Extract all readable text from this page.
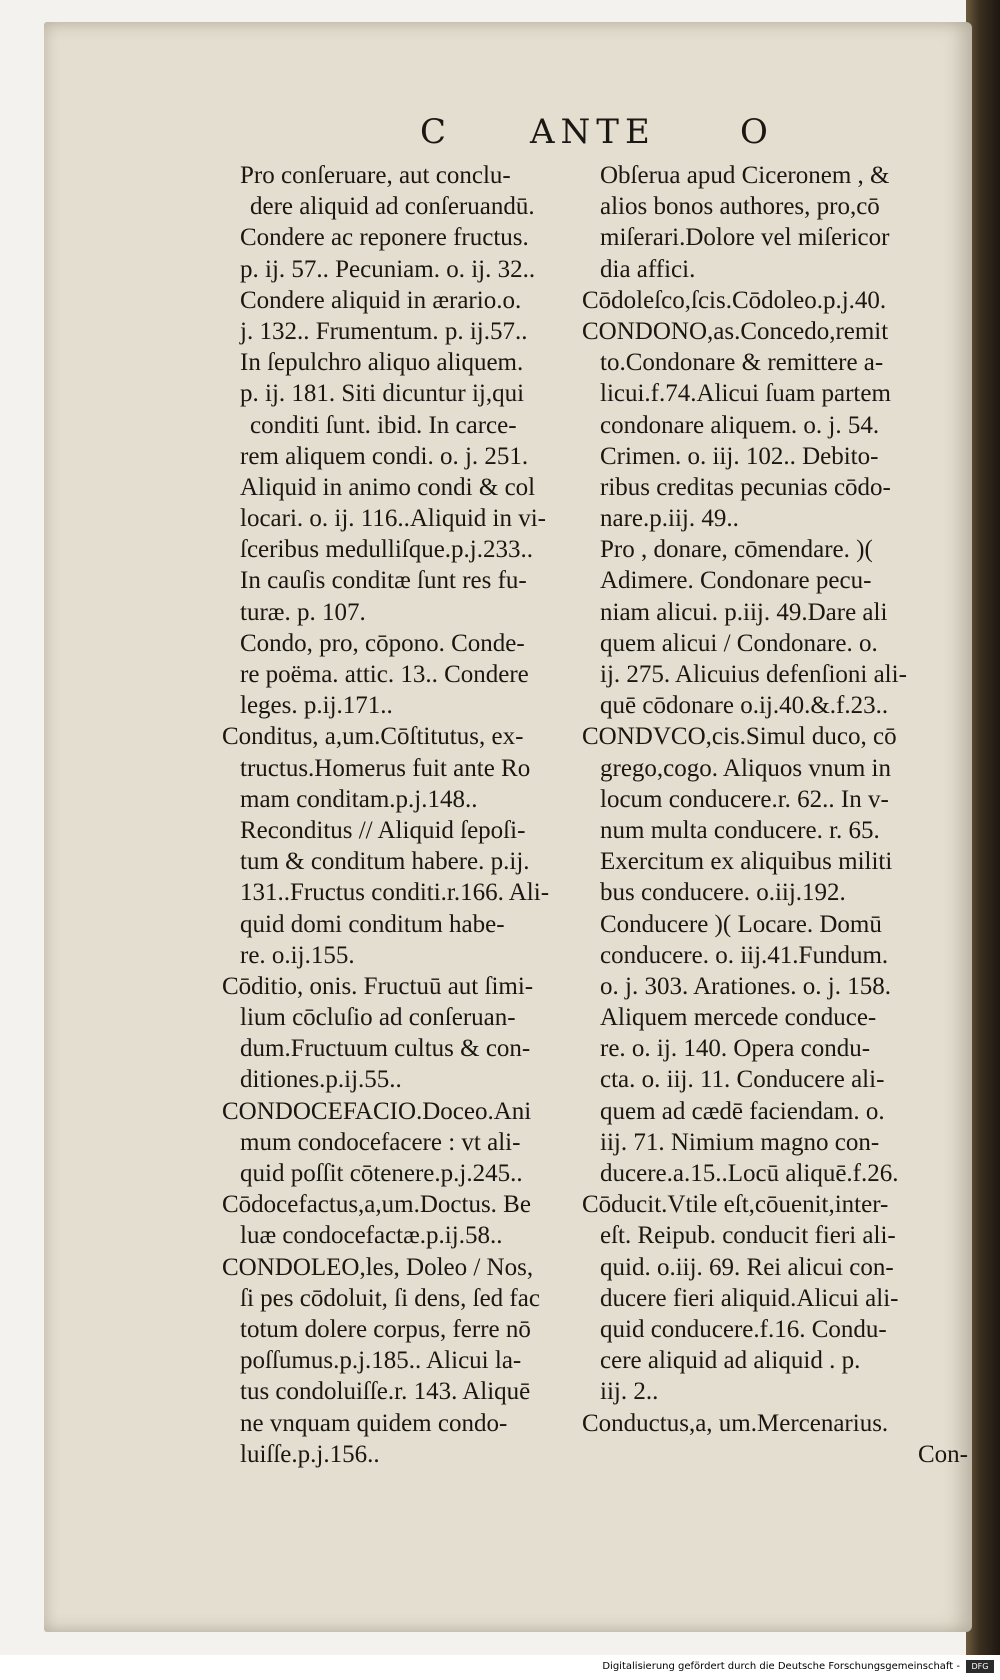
C ANTE O
Pro conſeruare, aut conclu-
dere aliquid ad conſeruandū.
Condere ac reponere fructus.
p. ij. 57.. Pecuniam. o. ij. 32..
Condere aliquid in ærario.o.
j. 132.. Frumentum. p. ij.57..
In ſepulchro aliquo aliquem.
p. ij. 181. Siti dicuntur ij,qui
conditi ſunt. ibid. In carce-
rem aliquem condi. o. j. 251.
Aliquid in animo condi & col
locari. o. ij. 116..Aliquid in vi-
ſceribus medulliſque.p.j.233..
In cauſis conditæ ſunt res fu-
turæ. p. 107.
Condo, pro, cōpono. Conde-
re poëma. attic. 13.. Condere
leges. p.ij.171..
Conditus, a,um.Cōſtitutus, ex-
tructus.Homerus fuit ante Ro
mam conditam.p.j.148..
Reconditus // Aliquid ſepoſi-
tum & conditum habere. p.ij.
131..Fructus conditi.r.166. Ali-
quid domi conditum habe-
re. o.ij.155.
Cōditio, onis. Fructuū aut ſimi-
lium cōcluſio ad conſeruan-
dum.Fructuum cultus & con-
ditiones.p.ij.55..
CONDOCEFACIO.Doceo.Ani
mum condocefacere : vt ali-
quid poſſit cōtenere.p.j.245..
Cōdocefactus,a,um.Doctus. Be
luæ condocefactæ.p.ij.58..
CONDOLEO,les, Doleo / Nos,
ſi pes cōdoluit, ſi dens, ſed fac
totum dolere corpus, ferre nō
poſſumus.p.j.185.. Alicui la-
tus condoluiſſe.r. 143. Aliquē
ne vnquam quidem condo-
luiſſe.p.j.156..
Obſerua apud Ciceronem , &
alios bonos authores, pro,cō
miſerari.Dolore vel miſericor
dia affici.
Cōdoleſco,ſcis.Cōdoleo.p.j.40.
CONDONO,as.Concedo,remit
to.Condonare & remittere a-
licui.f.74.Alicui ſuam partem
condonare aliquem. o. j. 54.
Crimen. o. iij. 102.. Debito-
ribus creditas pecunias cōdo-
nare.p.iij. 49..
Pro , donare, cōmendare. )(
Adimere. Condonare pecu-
niam alicui. p.iij. 49.Dare ali
quem alicui / Condonare. o.
ij. 275. Alicuius defenſioni ali-
quē cōdonare o.ij.40.&.f.23..
CONDVCO,cis.Simul duco, cō
grego,cogo. Aliquos vnum in
locum conducere.r. 62.. In v-
num multa conducere. r. 65.
Exercitum ex aliquibus militi
bus conducere. o.iij.192.
Conducere )( Locare. Domū
conducere. o. iij.41.Fundum.
o. j. 303. Arationes. o. j. 158.
Aliquem mercede conduce-
re. o. ij. 140. Opera condu-
cta. o. iij. 11. Conducere ali-
quem ad cædē faciendam. o.
iij. 71. Nimium magno con-
ducere.a.15..Locū aliquē.f.26.
Cōducit.Vtile eſt,cōuenit,inter-
eſt. Reipub. conducit fieri ali-
quid. o.iij. 69. Rei alicui con-
ducere fieri aliquid.Alicui ali-
quid conducere.f.16. Condu-
cere aliquid ad aliquid . p.
iij. 2..
Conductus,a, um.Mercenarius.
Con-
Digitalisierung gefördert durch die Deutsche Forschungsgemeinschaft -	DFG
